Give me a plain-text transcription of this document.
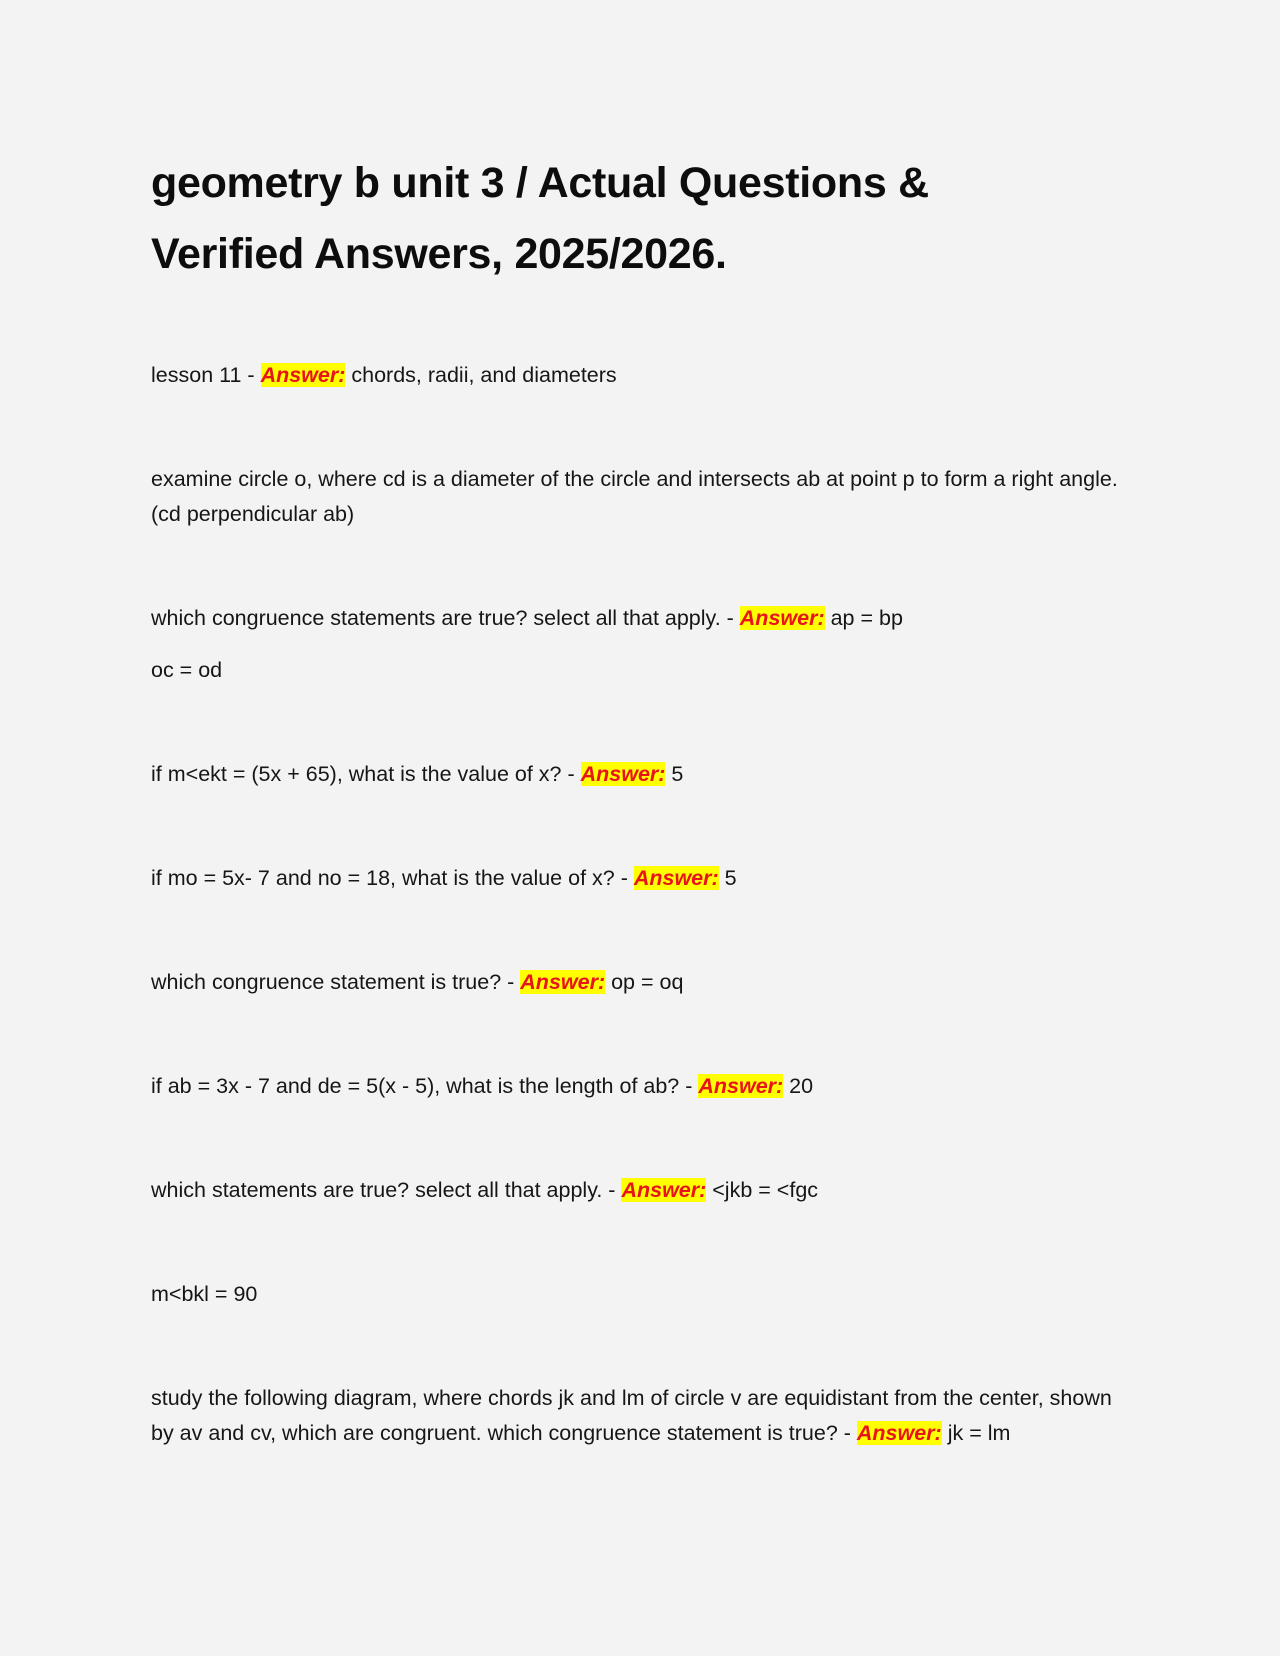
geometry b unit 3 / Actual Questions &
Verified Answers, 2025/2026.

lesson 11 - Answer: chords, radii, and diameters

examine circle o, where cd is a diameter of the circle and intersects ab at point p to form a right angle. (cd perpendicular ab)

which congruence statements are true? select all that apply. - Answer: ap = bp

oc = od

if m<ekt = (5x + 65), what is the value of x? - Answer: 5

if mo = 5x- 7 and no = 18, what is the value of x? - Answer: 5

which congruence statement is true? - Answer: op = oq

if ab = 3x - 7 and de = 5(x - 5), what is the length of ab? - Answer: 20

which statements are true? select all that apply. - Answer: <jkb = <fgc

m<bkl = 90

study the following diagram, where chords jk and lm of circle v are equidistant from the center, shown by av and cv, which are congruent. which congruence statement is true? - Answer: jk = lm
